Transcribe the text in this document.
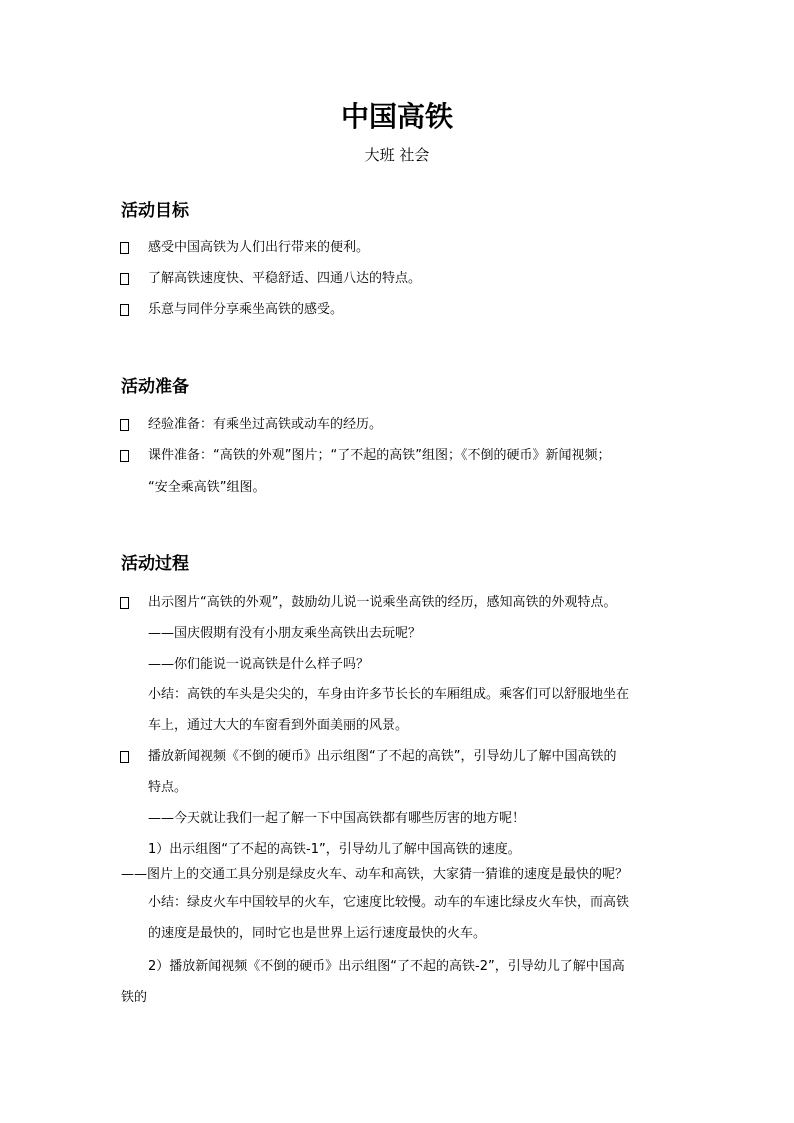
中国高铁
大班 社会
活动目标
感受中国高铁为人们出行带来的便利。
了解高铁速度快、平稳舒适、四通八达的特点。
乐意与同伴分享乘坐高铁的感受。
活动准备
经验准备：有乘坐过高铁或动车的经历。
课件准备：“高铁的外观”图片；“了不起的高铁”组图；《不倒的硬币》新闻视频；
“安全乘高铁”组图。
活动过程
出示图片“高铁的外观”，鼓励幼儿说一说乘坐高铁的经历，感知高铁的外观特点。
——国庆假期有没有小朋友乘坐高铁出去玩呢？
——你们能说一说高铁是什么样子吗？
小结：高铁的车头是尖尖的，车身由许多节长长的车厢组成。乘客们可以舒服地坐在
车上，通过大大的车窗看到外面美丽的风景。
播放新闻视频《不倒的硬币》出示组图“了不起的高铁”，引导幼儿了解中国高铁的
特点。
——今天就让我们一起了解一下中国高铁都有哪些厉害的地方呢！
1）出示组图“了不起的高铁-1”，引导幼儿了解中国高铁的速度。
——图片上的交通工具分别是绿皮火车、动车和高铁，大家猜一猜谁的速度是最快的呢？
小结：绿皮火车中国较早的火车，它速度比较慢。动车的车速比绿皮火车快，而高铁
的速度是最快的，同时它也是世界上运行速度最快的火车。
2）播放新闻视频《不倒的硬币》出示组图“了不起的高铁-2”，引导幼儿了解中国高
铁的
